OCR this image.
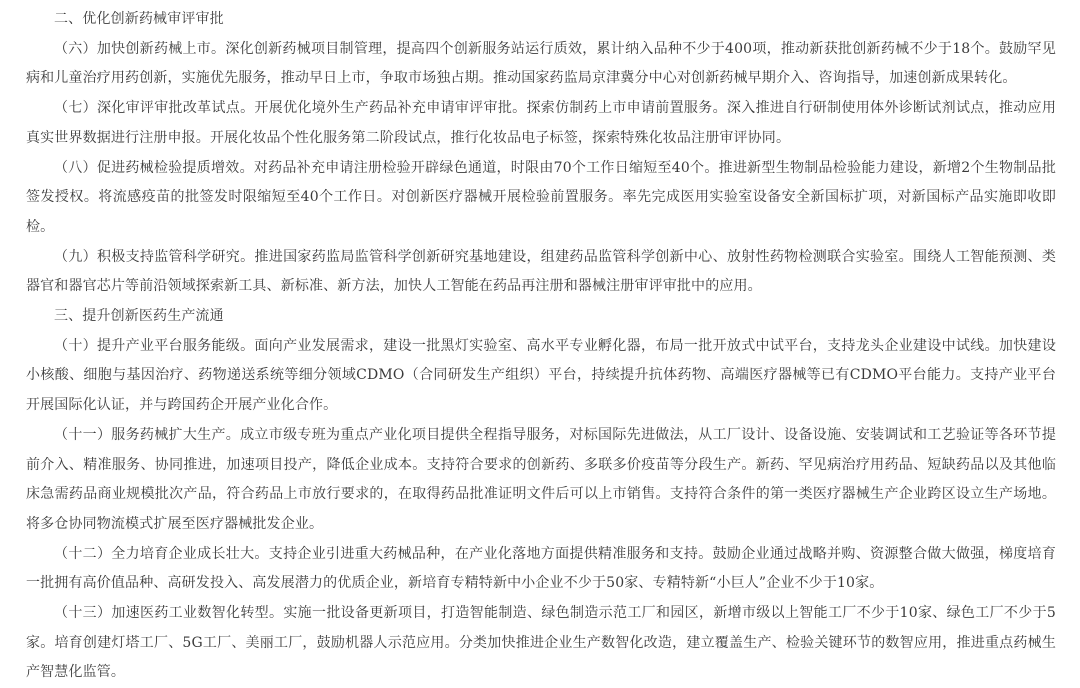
二、优化创新药械审评审批

（六）加快创新药械上市。深化创新药械项目制管理，提高四个创新服务站运行质效，累计纳入品种不少于400项，推动新获批创新药械不少于18个。鼓励罕见病和儿童治疗用药创新，实施优先服务，推动早日上市，争取市场独占期。推动国家药监局京津冀分中心对创新药械早期介入、咨询指导，加速创新成果转化。

（七）深化审评审批改革试点。开展优化境外生产药品补充申请审评审批。探索仿制药上市申请前置服务。深入推进自行研制使用体外诊断试剂试点，推动应用真实世界数据进行注册申报。开展化妆品个性化服务第二阶段试点，推行化妆品电子标签，探索特殊化妆品注册审评协同。

（八）促进药械检验提质增效。对药品补充申请注册检验开辟绿色通道，时限由70个工作日缩短至40个。推进新型生物制品检验能力建设，新增2个生物制品批签发授权。将流感疫苗的批签发时限缩短至40个工作日。对创新医疗器械开展检验前置服务。率先完成医用实验室设备安全新国标扩项，对新国标产品实施即收即检。

（九）积极支持监管科学研究。推进国家药监局监管科学创新研究基地建设，组建药品监管科学创新中心、放射性药物检测联合实验室。围绕人工智能预测、类器官和器官芯片等前沿领域探索新工具、新标准、新方法，加快人工智能在药品再注册和器械注册审评审批中的应用。

三、提升创新医药生产流通

（十）提升产业平台服务能级。面向产业发展需求，建设一批黑灯实验室、高水平专业孵化器，布局一批开放式中试平台，支持龙头企业建设中试线。加快建设小核酸、细胞与基因治疗、药物递送系统等细分领域CDMO（合同研发生产组织）平台，持续提升抗体药物、高端医疗器械等已有CDMO平台能力。支持产业平台开展国际化认证，并与跨国药企开展产业化合作。

（十一）服务药械扩大生产。成立市级专班为重点产业化项目提供全程指导服务，对标国际先进做法，从工厂设计、设备设施、安装调试和工艺验证等各环节提前介入、精准服务、协同推进，加速项目投产，降低企业成本。支持符合要求的创新药、多联多价疫苗等分段生产。新药、罕见病治疗用药品、短缺药品以及其他临床急需药品商业规模批次产品，符合药品上市放行要求的，在取得药品批准证明文件后可以上市销售。支持符合条件的第一类医疗器械生产企业跨区设立生产场地。将多仓协同物流模式扩展至医疗器械批发企业。

（十二）全力培育企业成长壮大。支持企业引进重大药械品种，在产业化落地方面提供精准服务和支持。鼓励企业通过战略并购、资源整合做大做强，梯度培育一批拥有高价值品种、高研发投入、高发展潜力的优质企业，新培育专精特新中小企业不少于50家、专精特新“小巨人”企业不少于10家。

（十三）加速医药工业数智化转型。实施一批设备更新项目，打造智能制造、绿色制造示范工厂和园区，新增市级以上智能工厂不少于10家、绿色工厂不少于5家。培育创建灯塔工厂、5G工厂、美丽工厂，鼓励机器人示范应用。分类加快推进企业生产数智化改造，建立覆盖生产、检验关键环节的数智应用，推进重点药械生产智慧化监管。
